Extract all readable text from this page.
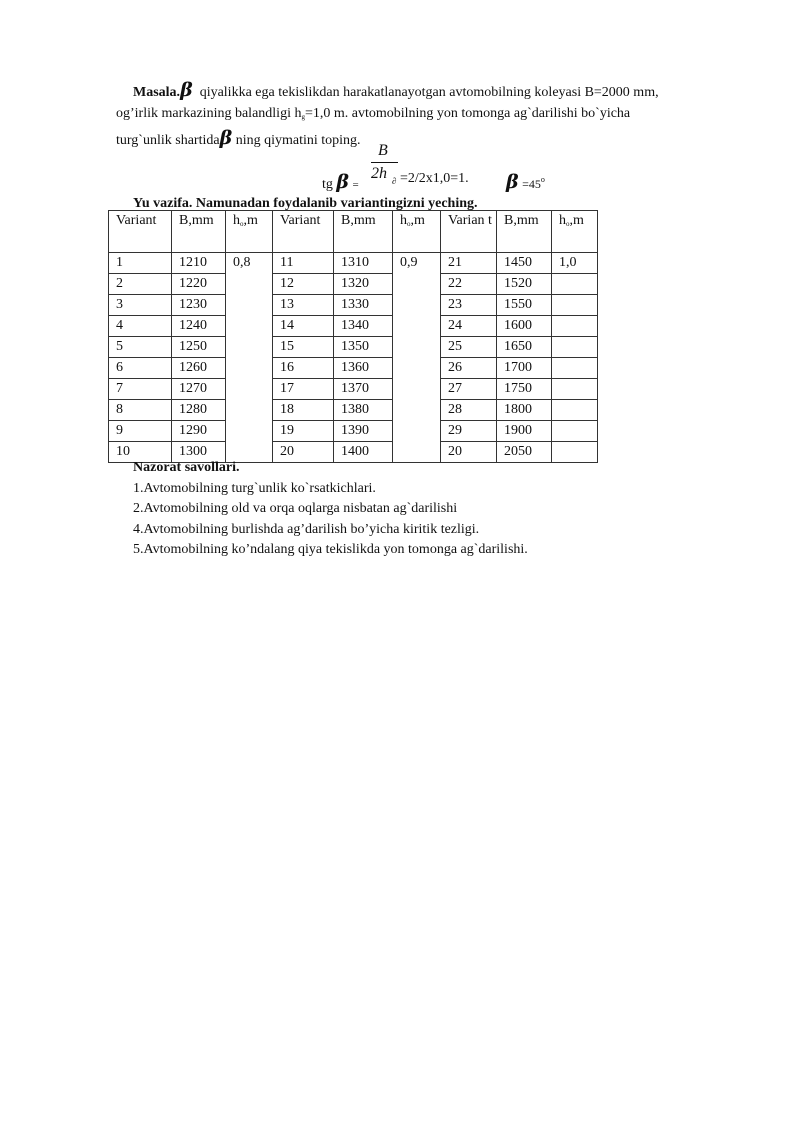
Masala.β qiyalikka ega tekislikdan harakatlanayotgan avtomobilning koleyasi B=2000 mm,
og’irlik markazining balandligi $h_g=1,0$ m. avtomobilning yon tomonga ag`darilishi bo`yicha
turg`unlik shartidaβ ning qiymatini toping.
B
2h
tg β =	∂ =2/2x1,0=1. $\beta =45^o$
Yu vazifa. Namunadan foydalanib variantingizni yeching.
Variant	B,mm	ho,m	Variant	B,mm	ho,m	Varian t	B,mm	ho,m
1	1210	0,8	11	1310	0,9	21	1450	1,0
2	1220		12	1320		22	1520	
3	1230		13	1330		23	1550	
4	1240		14	1340		24	1600	
5	1250		15	1350		25	1650	
6	1260		16	1360		26	1700	
7	1270		17	1370		27	1750	
8	1280		18	1380		28	1800	
9	1290		19	1390		29	1900	
10	1300		20	1400		20	2050	
Nazorat savollari.
1.Avtomobilning turg`unlik ko`rsatkichlari.
2.Avtomobilning old va orqa oqlarga nisbatan ag`darilishi
4.Avtomobilning burlishda ag’darilish bo’yicha kiritik tezligi.
5.Avtomobilning ko’ndalang qiya tekislikda yon tomonga ag`darilishi.
